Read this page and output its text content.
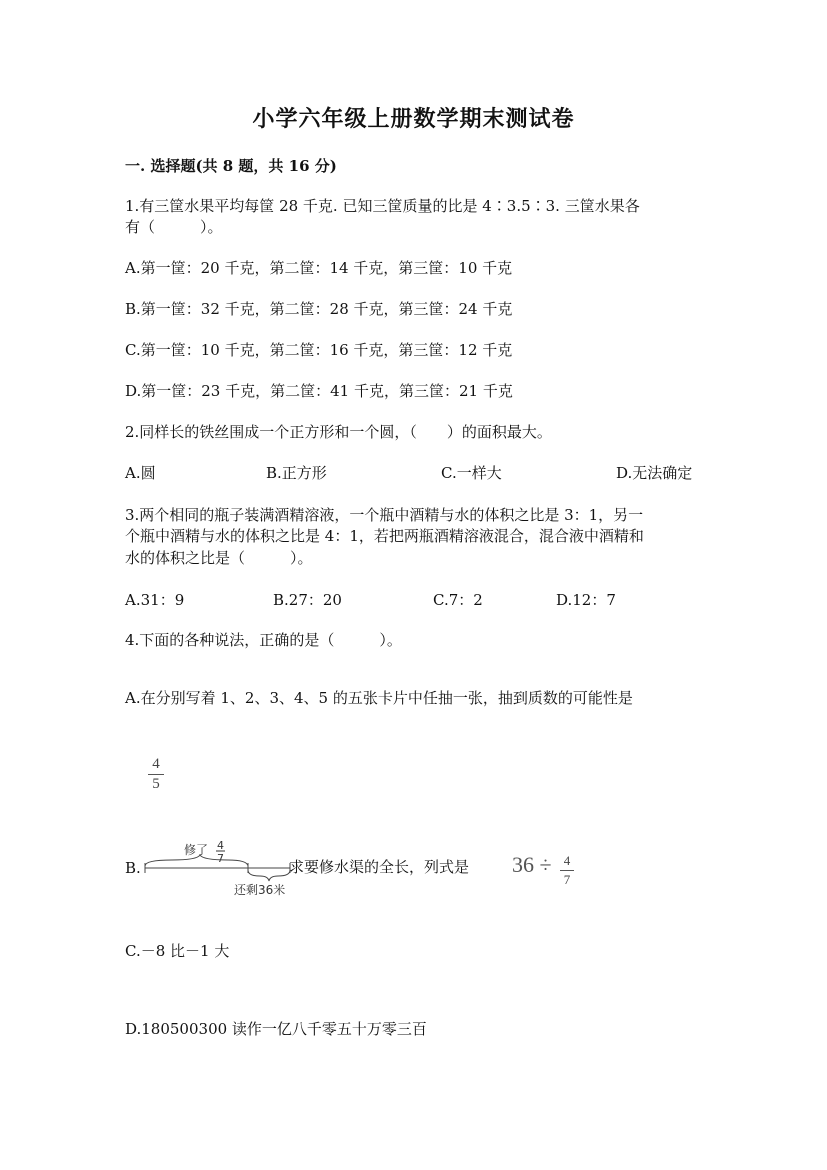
小学六年级上册数学期末测试卷
一. 选择题(共 8 题，共 16 分)
1.有三筐水果平均每筐 28 千克. 已知三筐质量的比是 4∶3.5∶3. 三筐水果各
有（　　　）。
A.第一筐：20 千克，第二筐：14 千克，第三筐：10 千克
B.第一筐：32 千克，第二筐：28 千克，第三筐：24 千克
C.第一筐：10 千克，第二筐：16 千克，第三筐：12 千克
D.第一筐：23 千克，第二筐：41 千克，第三筐：21 千克
2.同样长的铁丝围成一个正方形和一个圆，（　　）的面积最大。
A.圆	B.正方形	C.一样大	D.无法确定
3.两个相同的瓶子装满酒精溶液，一个瓶中酒精与水的体积之比是 3：1，另一
个瓶中酒精与水的体积之比是 4：1，若把两瓶酒精溶液混合，混合液中酒精和
水的体积之比是（　　　）。
A.31：9	B.27：20	C.7：2	D.12：7
4.下面的各种说法，正确的是（　　　）。
A.在分别写着 1、2、3、4、5 的五张卡片中任抽一张，抽到质数的可能性是
4
5
B.
修了 4
7
还剩36米
求要修水渠的全长，列式是 36 ÷ 4
7
C.－8 比－1 大
D.180500300 读作一亿八千零五十万零三百
